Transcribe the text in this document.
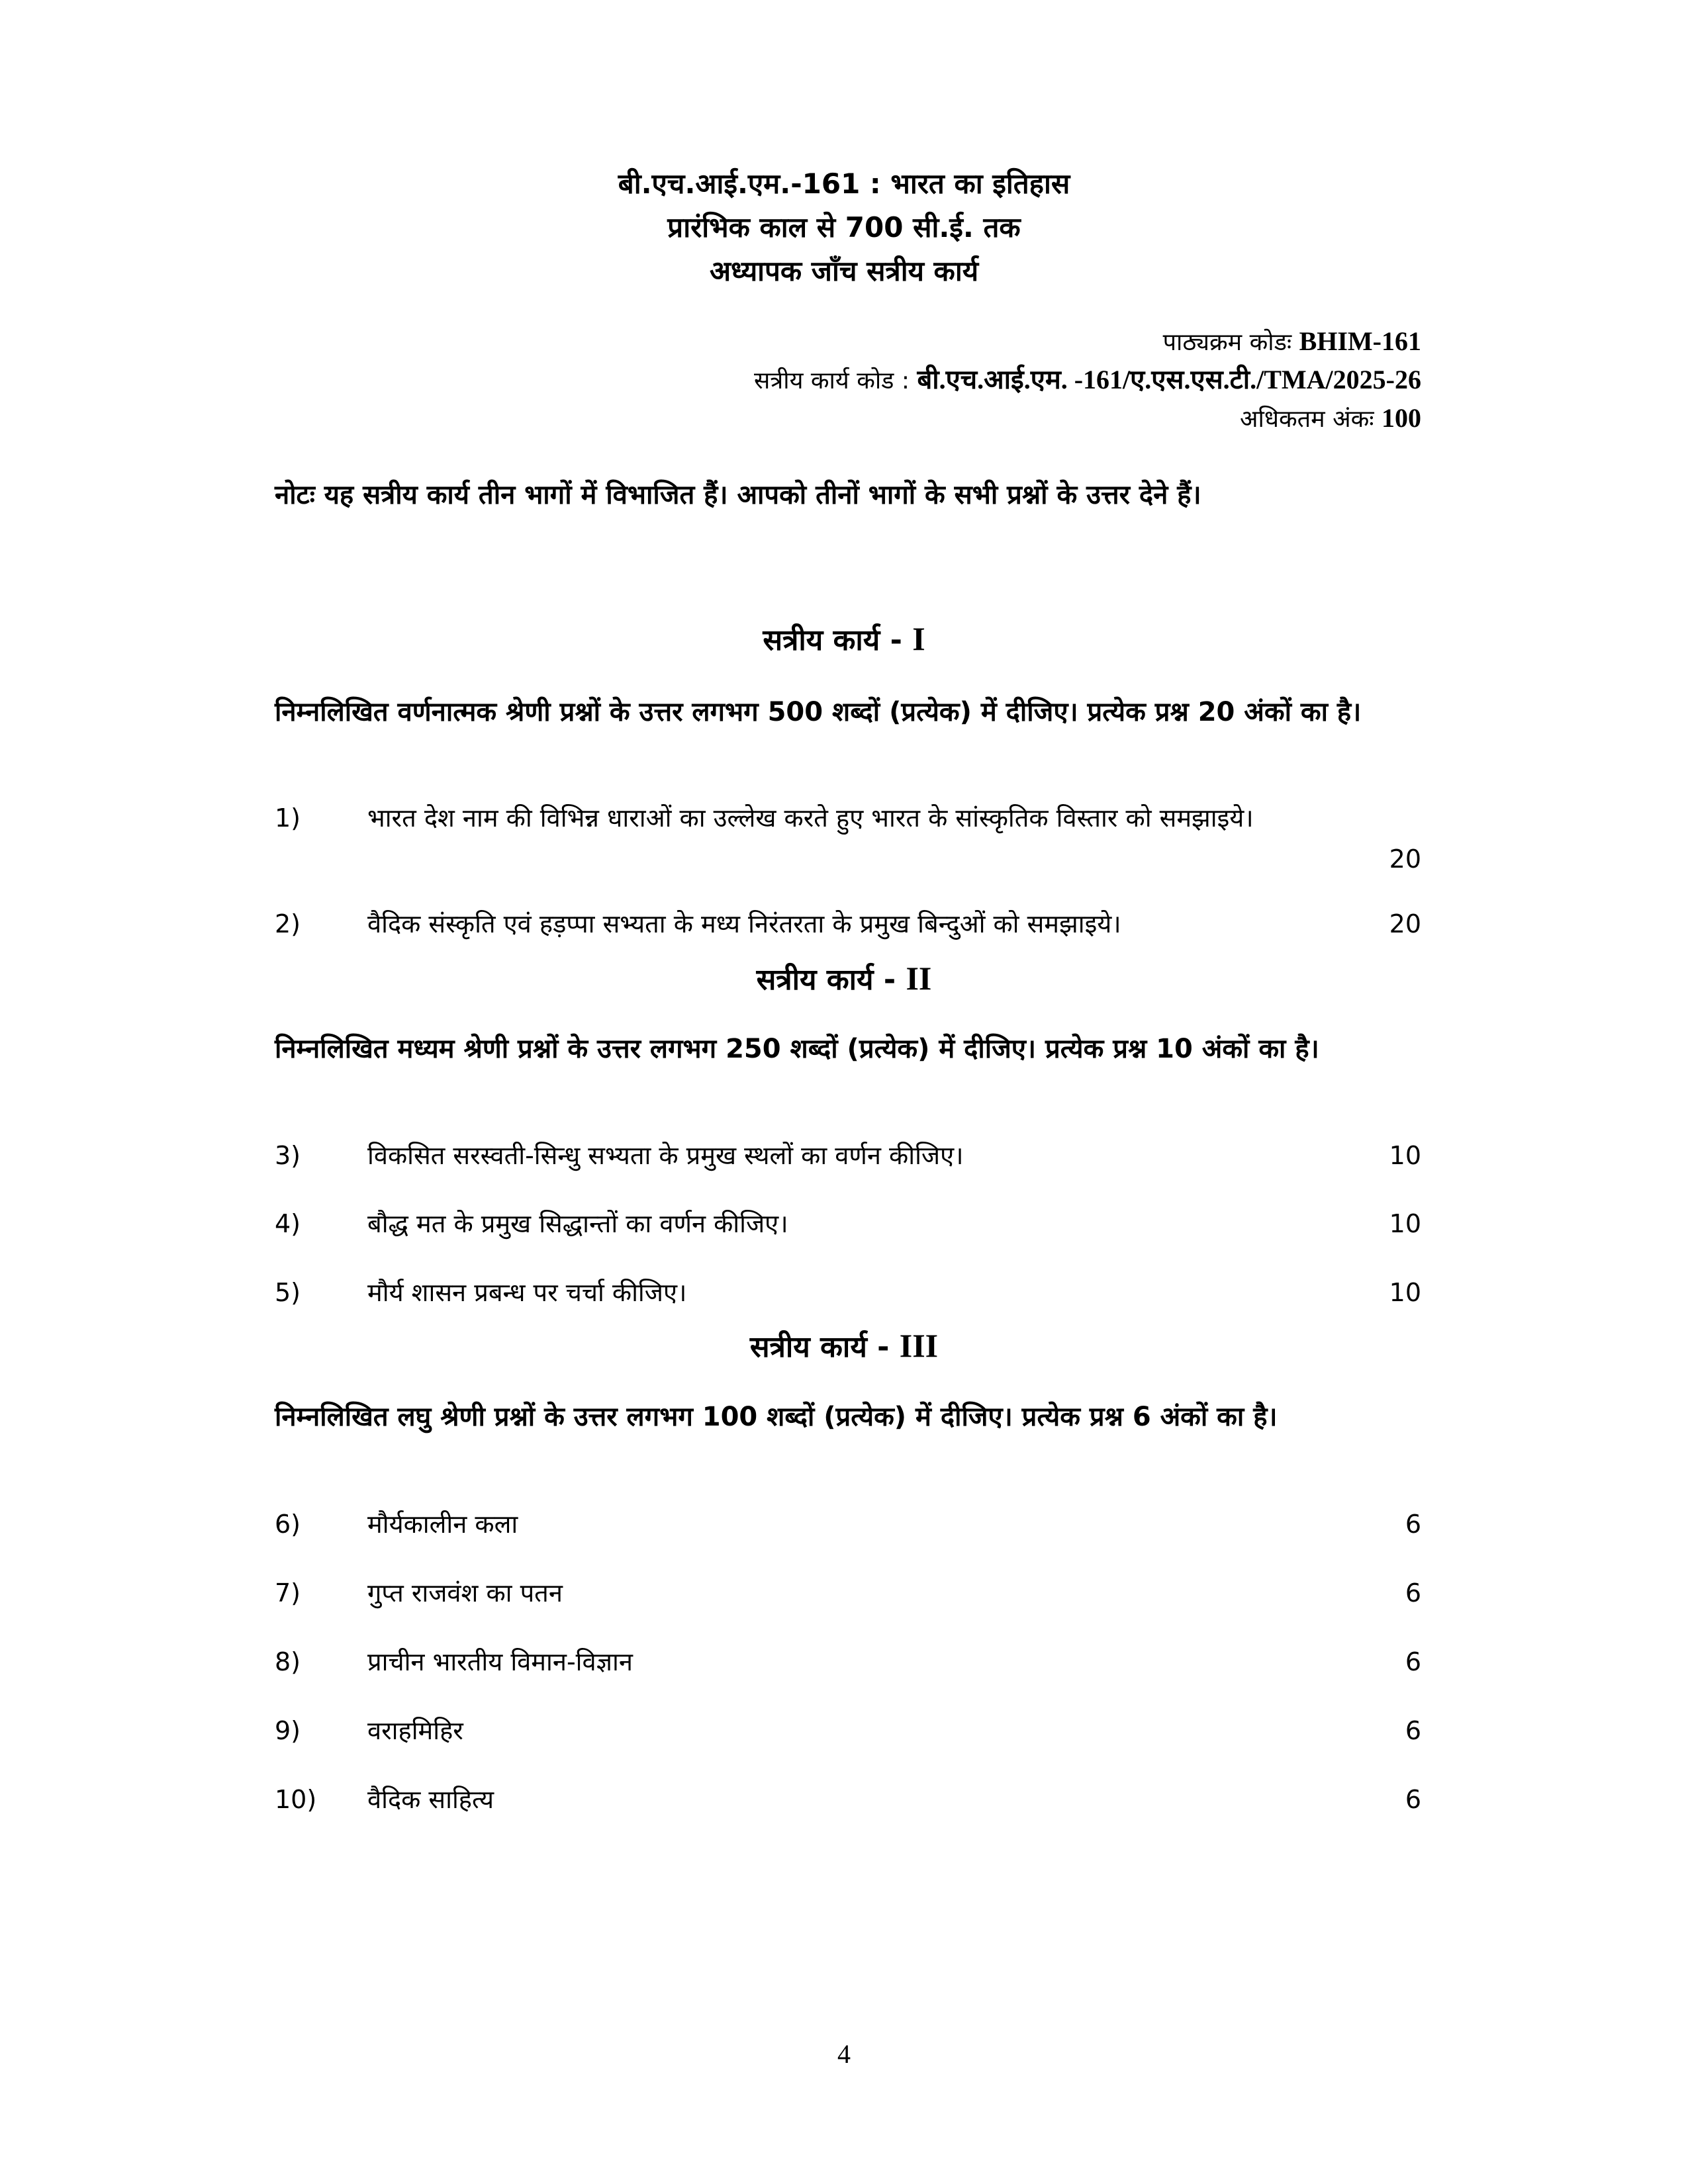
बी.एच.आई.एम.-161 : भारत का इतिहास
प्रारंभिक काल से 700 सी.ई. तक
अध्यापक जाँच सत्रीय कार्य
पाठ्यक्रम कोडः BHIM-161
सत्रीय कार्य कोड : बी.एच.आई.एम. -161/ए.एस.एस.टी./TMA/2025-26
अधिकतम अंकः 100
नोटः यह सत्रीय कार्य तीन भागों में विभाजित हैं। आपको तीनों भागों के सभी प्रश्नों के उत्तर देने हैं।
सत्रीय कार्य - I
निम्नलिखित वर्णनात्मक श्रेणी प्रश्नों के उत्तर लगभग 500 शब्दों (प्रत्येक) में दीजिए। प्रत्येक प्रश्न 20 अंकों का है।
1)	भारत देश नाम की विभिन्न धाराओं का उल्लेख करते हुए भारत के सांस्कृतिक विस्तार को समझाइये।
20
2)	वैदिक संस्कृति एवं हड़प्पा सभ्यता के मध्य निरंतरता के प्रमुख बिन्दुओं को समझाइये।	20
सत्रीय कार्य - II
निम्नलिखित मध्यम श्रेणी प्रश्नों के उत्तर लगभग 250 शब्दों (प्रत्येक) में दीजिए। प्रत्येक प्रश्न 10 अंकों का है।
3)	विकसित सरस्वती-सिन्धु सभ्यता के प्रमुख स्थलों का वर्णन कीजिए।	10
4)	बौद्ध मत के प्रमुख सिद्धान्तों का वर्णन कीजिए।	10
5)	मौर्य शासन प्रबन्ध पर चर्चा कीजिए।	10
सत्रीय कार्य - III
निम्नलिखित लघु श्रेणी प्रश्नों के उत्तर लगभग 100 शब्दों (प्रत्येक) में दीजिए। प्रत्येक प्रश्न 6 अंकों का है।
6)	मौर्यकालीन कला	6
7)	गुप्त राजवंश का पतन	6
8)	प्राचीन भारतीय विमान-विज्ञान	6
9)	वराहमिहिर	6
10) वैदिक साहित्य	6
4
